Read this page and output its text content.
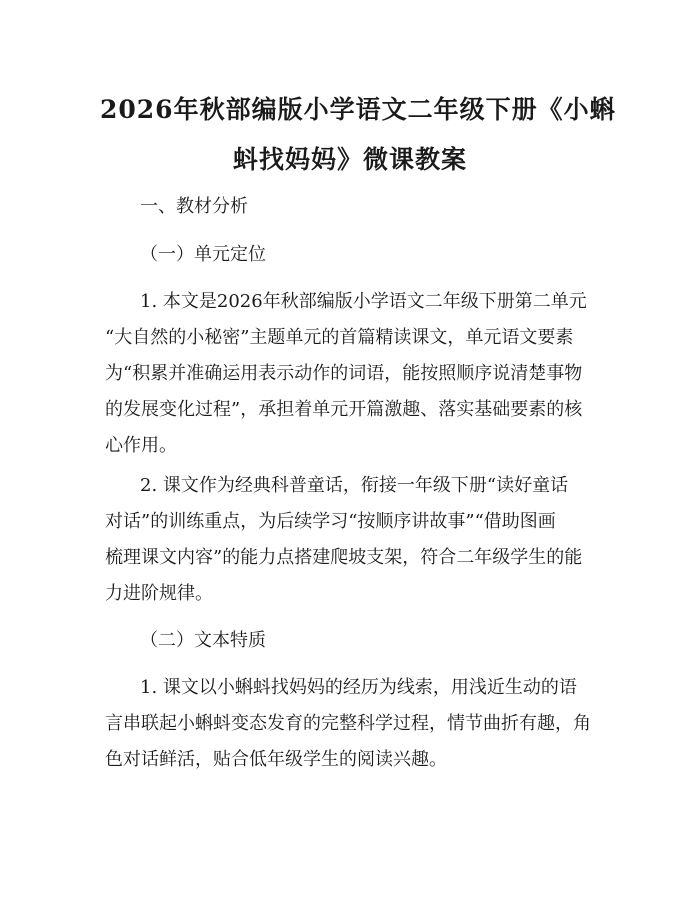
2026年秋部编版小学语文二年级下册《小蝌
蚪找妈妈》微课教案
一、教材分析
（一）单元定位
1. 本文是2026年秋部编版小学语文二年级下册第二单元
“大自然的小秘密”主题单元的首篇精读课文，单元语文要素
为“积累并准确运用表示动作的词语，能按照顺序说清楚事物
的发展变化过程”，承担着单元开篇激趣、落实基础要素的核
心作用。
2. 课文作为经典科普童话，衔接一年级下册“读好童话
对话”的训练重点，为后续学习“按顺序讲故事”“借助图画
梳理课文内容”的能力点搭建爬坡支架，符合二年级学生的能
力进阶规律。
（二）文本特质
1. 课文以小蝌蚪找妈妈的经历为线索，用浅近生动的语
言串联起小蝌蚪变态发育的完整科学过程，情节曲折有趣，角
色对话鲜活，贴合低年级学生的阅读兴趣。
